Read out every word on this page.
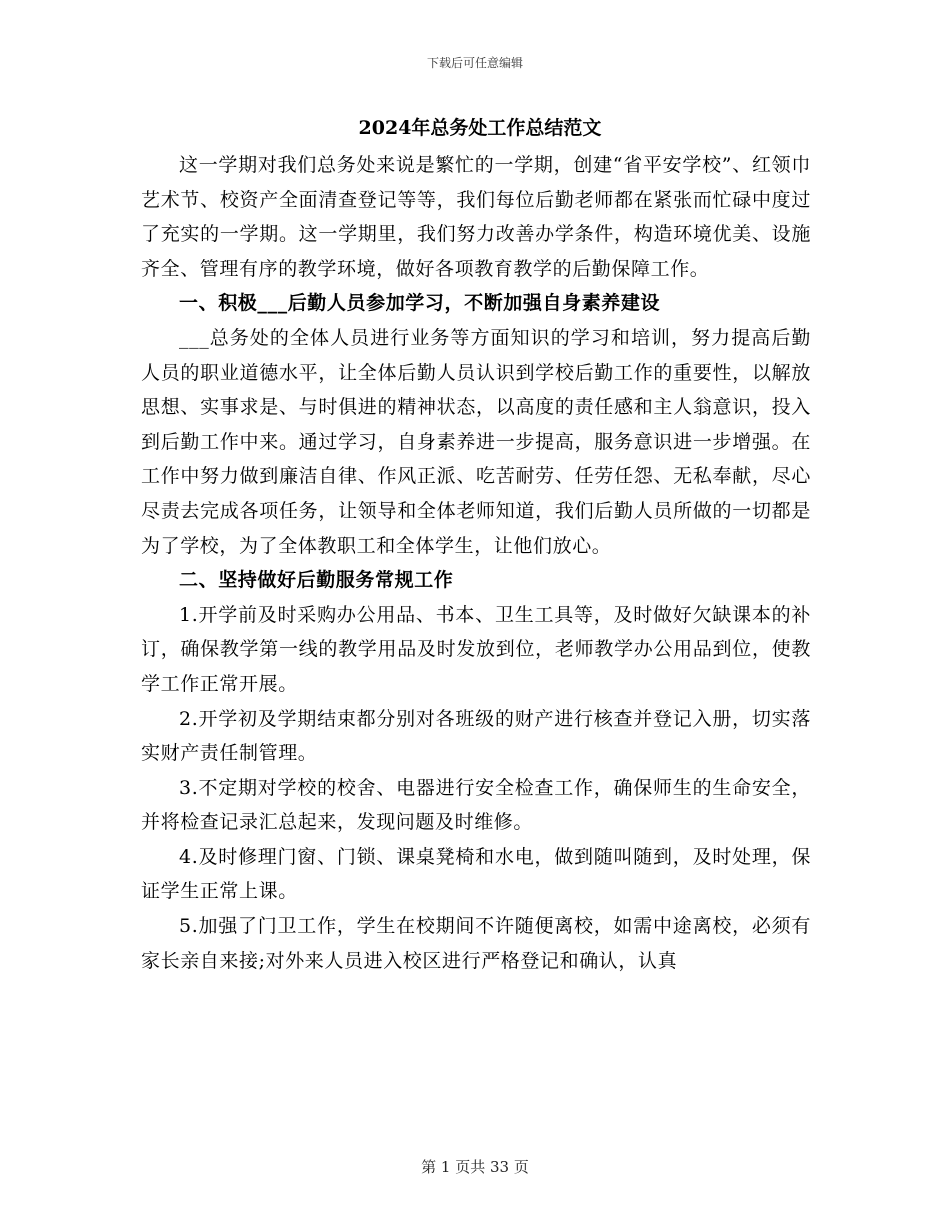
下载后可任意编辑
2024年总务处工作总结范文

这一学期对我们总务处来说是繁忙的一学期，创建“省平安学校”、红领巾艺术节、校资产全面清查登记等等，我们每位后勤老师都在紧张而忙碌中度过了充实的一学期。这一学期里，我们努力改善办学条件，构造环境优美、设施齐全、管理有序的教学环境，做好各项教育教学的后勤保障工作。

一、积极___后勤人员参加学习，不断加强自身素养建设

___总务处的全体人员进行业务等方面知识的学习和培训，努力提高后勤人员的职业道德水平，让全体后勤人员认识到学校后勤工作的重要性，以解放思想、实事求是、与时俱进的精神状态，以高度的责任感和主人翁意识，投入到后勤工作中来。通过学习，自身素养进一步提高，服务意识进一步增强。在工作中努力做到廉洁自律、作风正派、吃苦耐劳、任劳任怨、无私奉献，尽心尽责去完成各项任务，让领导和全体老师知道，我们后勤人员所做的一切都是为了学校，为了全体教职工和全体学生，让他们放心。

二、坚持做好后勤服务常规工作

1.开学前及时采购办公用品、书本、卫生工具等，及时做好欠缺课本的补订，确保教学第一线的教学用品及时发放到位，老师教学办公用品到位，使教学工作正常开展。

2.开学初及学期结束都分别对各班级的财产进行核查并登记入册，切实落实财产责任制管理。

3.不定期对学校的校舍、电器进行安全检查工作，确保师生的生命安全，并将检查记录汇总起来，发现问题及时维修。

4.及时修理门窗、门锁、课桌凳椅和水电，做到随叫随到，及时处理，保证学生正常上课。

5.加强了门卫工作，学生在校期间不许随便离校，如需中途离校，必须有家长亲自来接;对外来人员进入校区进行严格登记和确认，认真

第 1 页共 33 页
